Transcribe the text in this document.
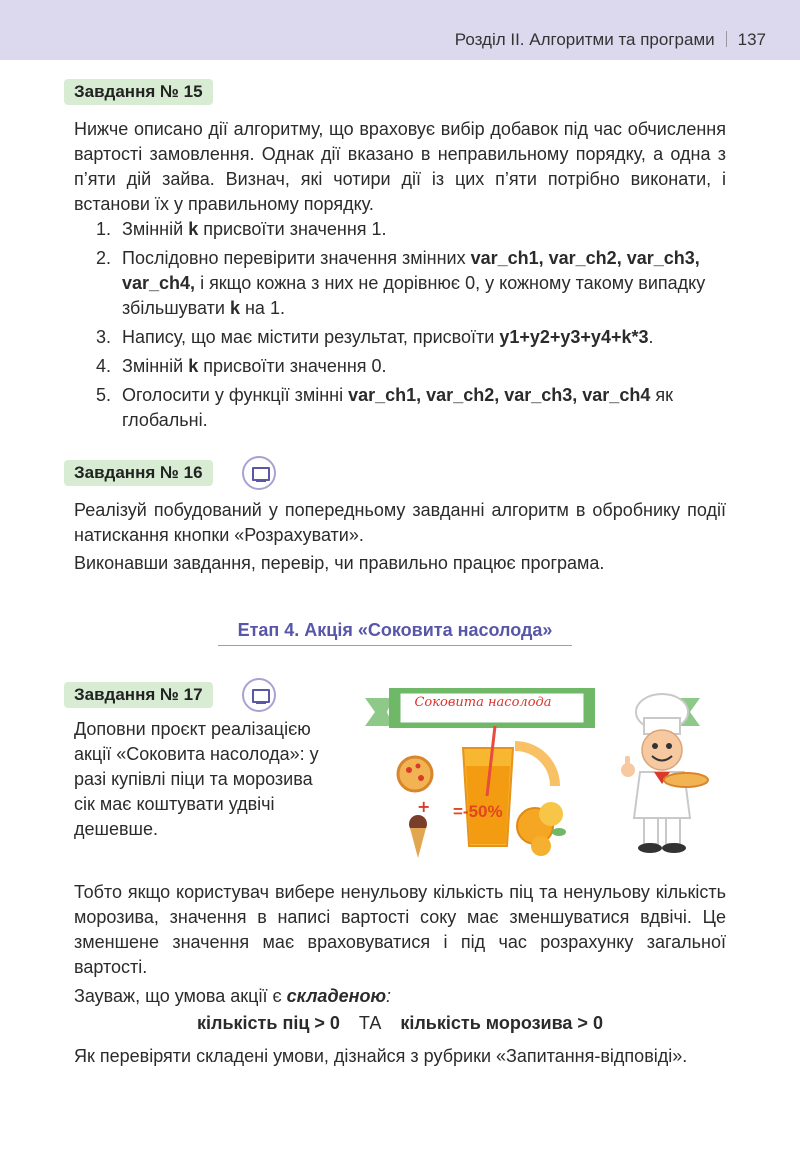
Розділ ІІ. Алгоритми та програми 137
Завдання № 15

Нижче описано дії алгоритму, що враховує вибір добавок під час обчислення вартості замовлення. Однак дії вказано в неправильному порядку, а одна з п’яти дій зайва. Визнач, які чотири дії із цих п’яти потрібно виконати, і встанови їх у правильному порядку.

1. Змінній k присвоїти значення 1.
2. Послідовно перевірити значення змінних var_ch1, var_ch2, var_ch3, var_ch4, і якщо кожна з них не дорівнює 0, у кожному такому випадку збільшувати k на 1.
3. Напису, що має містити результат, присвоїти y1+y2+y3+y4+k*3.
4. Змінній k присвоїти значення 0.
5. Оголосити у функції змінні var_ch1, var_ch2, var_ch3, var_ch4 як глобальні.
Завдання № 16

Реалізуй побудований у попередньому завданні алгоритм в обробнику події натискання кнопки «Розрахувати».

Виконавши завдання, перевір, чи правильно працює програма.

Етап 4. Акція «Соковита насолода»
Завдання № 17

Доповни проєкт реалізацією акції «Соковита насолода»: у разі купівлі піци та морозива сік має коштувати удвічі дешевше.

+
Соковита насолода
=-50%

Тобто якщо користувач вибере ненульову кількість піц та ненульову кількість морозива, значення в написі вартості соку має зменшуватися вдвічі. Це зменшене значення має враховуватися і під час розрахунку загальної вартості.

Зауваж, що умова акції є складеною:

кількість піц > 0 ТА кількість морозива > 0

Як перевіряти складені умови, дізнайся з рубрики «Запитання-відповіді».
